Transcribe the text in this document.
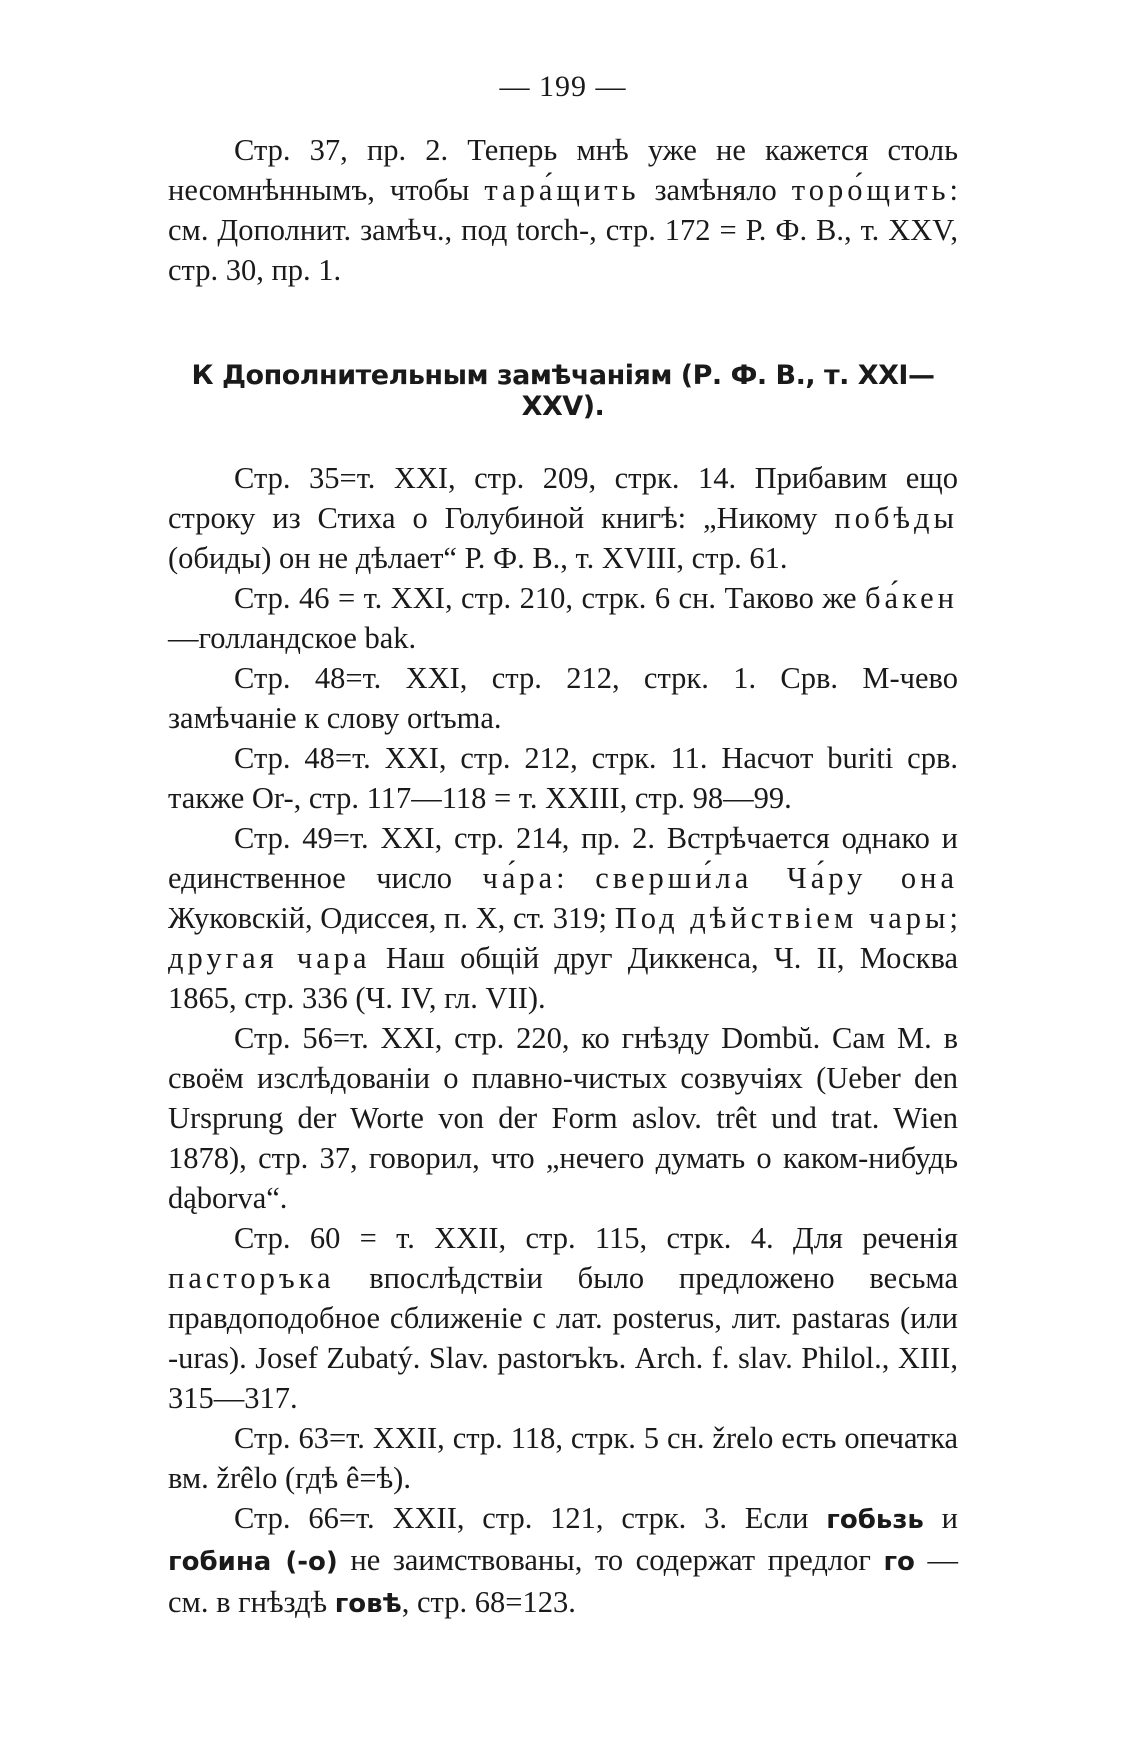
— 199 —

Стр. 37, пр. 2. Теперь мнѣ уже не кажется столь несомнѣннымъ, чтобы тара́щить замѣняло торо́щить: см. Дополнит. замѣч., под torch-, стр. 172 = Р. Ф. В., т. XXV, стр. 30, пр. 1.

К Дополнительным замѣчаніям (Р. Ф. В., т. XXI—XXV).

Стр. 35=т. XXI, стр. 209, стрк. 14. Прибавим ещо строку из Стиха о Голубиной книгѣ: „Никому побѣды (обиды) он не дѣлает“ Р. Ф. В., т. XVIII, стр. 61.

Стр. 46 = т. XXI, стр. 210, стрк. 6 сн. Таково же ба́кен—голландское bak.

Стр. 48=т. XXI, стр. 212, стрк. 1. Срв. М-чево замѣчаніе к слову ortъma.

Стр. 48=т. XXI, стр. 212, стрк. 11. Насчот buriti срв. также Or-, стр. 117—118 = т. XXIII, стр. 98—99.

Стр. 49=т. XXI, стр. 214, пр. 2. Встрѣчается однако и единственное число ча́ра: сверши́ла Ча́ру она Жуковскій, Одиссея, п. X, ст. 319; Под дѣйствіем чары; другая чара Наш общій друг Диккенса, Ч. II, Москва 1865, стр. 336 (Ч. IV, гл. VII).

Стр. 56=т. XXI, стр. 220, ко гнѣзду Dombŭ. Сам М. в своём изслѣдованіи о плавно-чистых созвучіях (Ueber den Ursprung der Worte von der Form aslov. trêt und trat. Wien 1878), стр. 37, говорил, что „нечего думать о каком-нибудь dąborva“.

Стр. 60 = т. XXII, стр. 115, стрк. 4. Для реченія пасторъка впослѣдствіи было предложено весьма правдоподобное сближеніе с лат. posterus, лит. pastaras (или -uras). Josef Zubatý. Slav. pastorъkъ. Arch. f. slav. Philol., XIII, 315—317.

Стр. 63=т. XXII, стр. 118, стрк. 5 сн. žrelo есть опечатка вм. žrêlo (гдѣ ê=ѣ).

Стр. 66=т. XXII, стр. 121, стрк. 3. Если гобьзь и гобина (-о) не заимствованы, то содержат предлог го — см. в гнѣздѣ говѣ, стр. 68=123.
